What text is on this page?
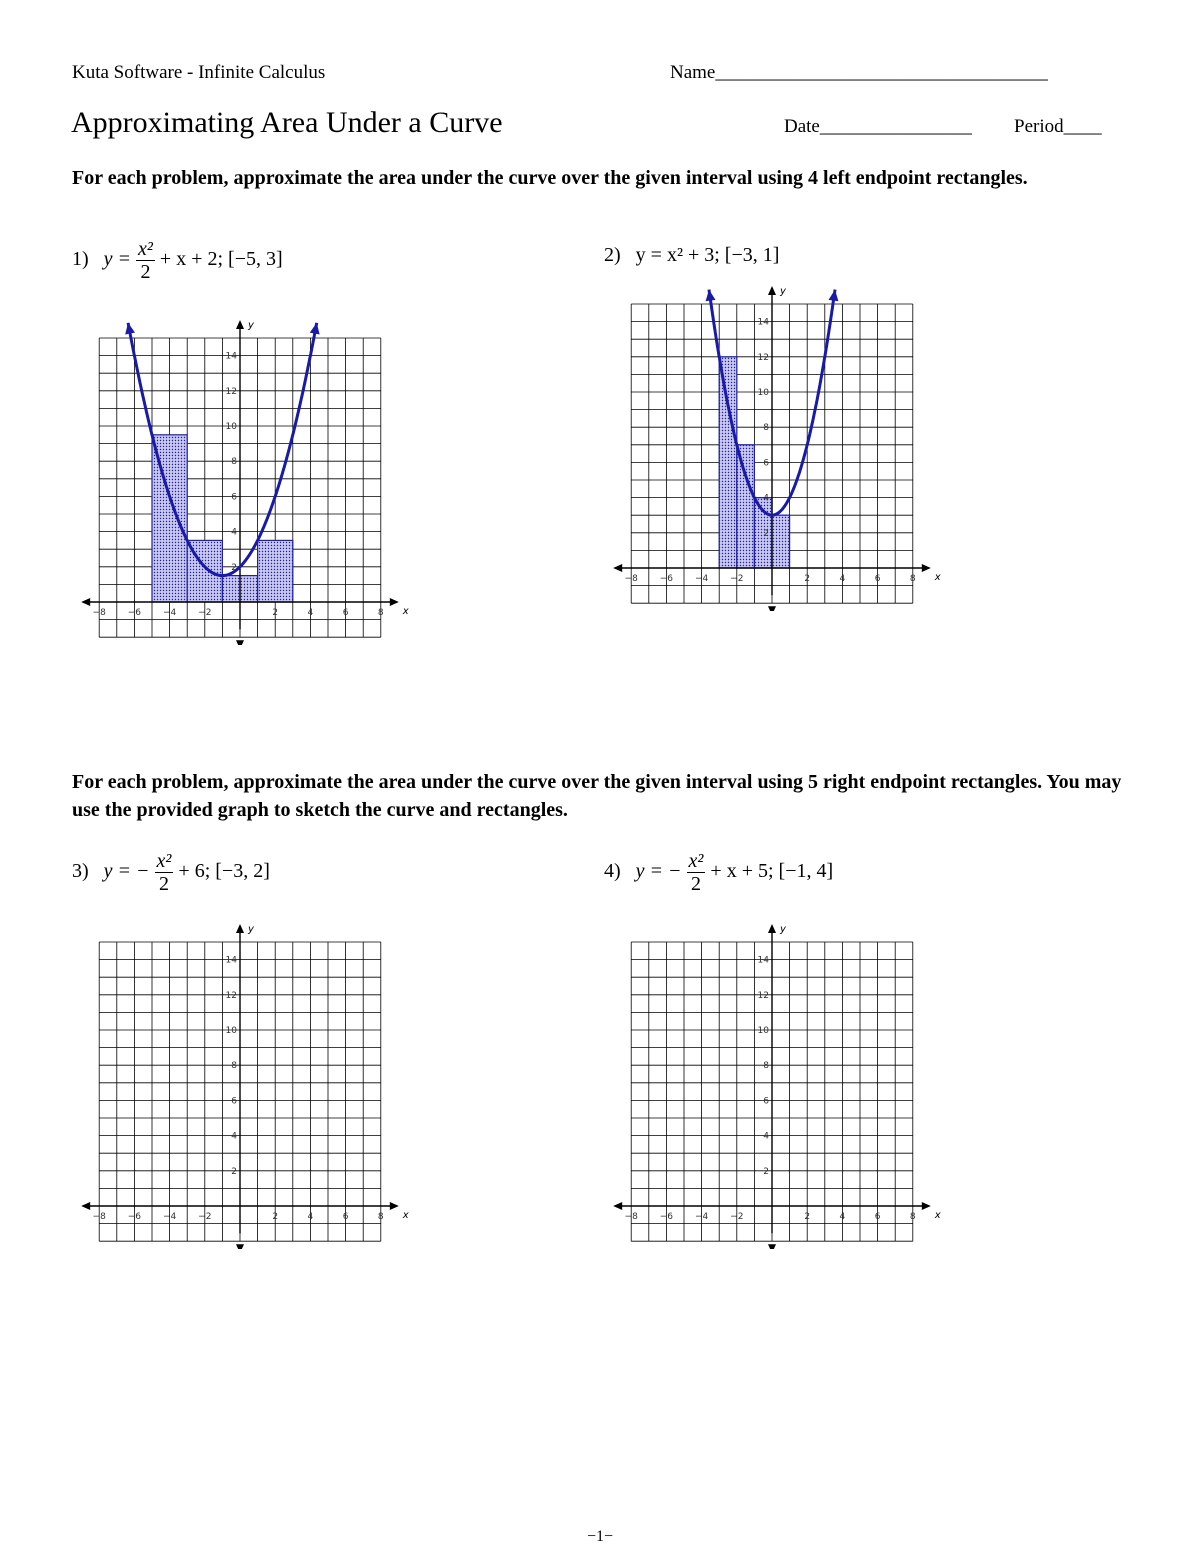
Kuta Software - Infinite Calculus	Name___________________________________
Approximating Area Under a Curve	Date________________ Period____
For each problem, approximate the area under the curve over the given interval using 4 left endpoint rectangles.
1) $y = \frac{\text{x²}}{2} + x + 2$; [−5, 3]	2) y = x² + 3; [−3, 1]
For each problem, approximate the area under the curve over the given interval using 5 right endpoint rectangles. You may use the provided graph to sketch the curve and rectangles.
3) y = − $\frac{\text{x²}}{2} + 6$; [−3, 2]	4) y = − $\frac{\text{x²}}{2} + x + 5$; [−1, 4]
x
y
−8 −6 −4 −2	2	4	6	8
2
4
6
8
10
12
14
x
y
−8 −6 −4 −2	2	4	6	8
2
4
6
8
10
12
14
x
y
−8 −6 −4 −2	2	4	6	8
2
4
6
8
10
12
14
x
y
−8 −6 −4 −2	2	4	6	8
2
4
6
8
10
12
14
−1−
